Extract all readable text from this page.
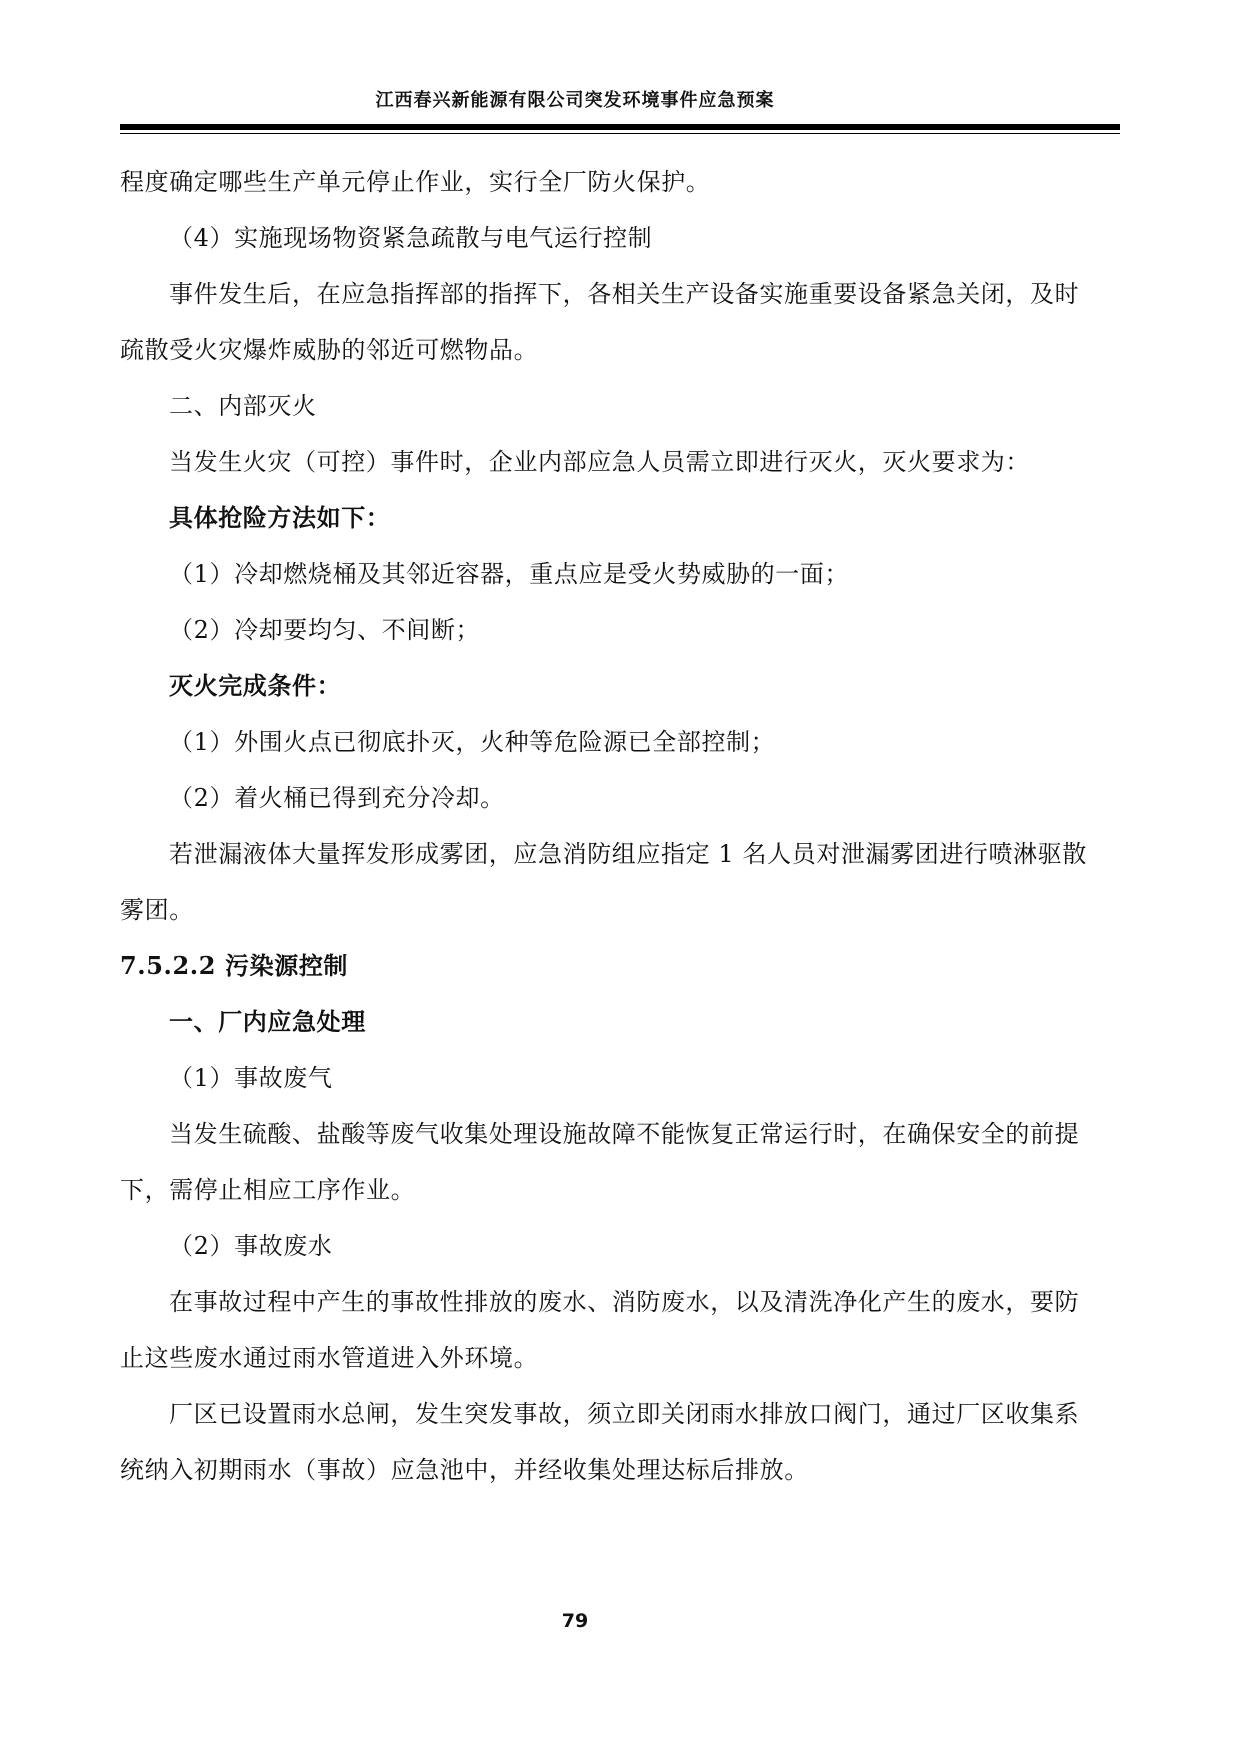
江西春兴新能源有限公司突发环境事件应急预案
程度确定哪些生产单元停止作业，实行全厂防火保护。
（4）实施现场物资紧急疏散与电气运行控制
事件发生后，在应急指挥部的指挥下，各相关生产设备实施重要设备紧急关闭，及时
疏散受火灾爆炸威胁的邻近可燃物品。
二、内部灭火
当发生火灾（可控）事件时，企业内部应急人员需立即进行灭火，灭火要求为：
具体抢险方法如下：
（1）冷却燃烧桶及其邻近容器，重点应是受火势威胁的一面；
（2）冷却要均匀、不间断；
灭火完成条件：
（1）外围火点已彻底扑灭，火种等危险源已全部控制；
（2）着火桶已得到充分冷却。
若泄漏液体大量挥发形成雾团，应急消防组应指定 1 名人员对泄漏雾团进行喷淋驱散
雾团。
7.5.2.2 污染源控制
一、厂内应急处理
（1）事故废气
当发生硫酸、盐酸等废气收集处理设施故障不能恢复正常运行时，在确保安全的前提
下，需停止相应工序作业。
（2）事故废水
在事故过程中产生的事故性排放的废水、消防废水，以及清洗净化产生的废水，要防
止这些废水通过雨水管道进入外环境。
厂区已设置雨水总闸，发生突发事故，须立即关闭雨水排放口阀门，通过厂区收集系
统纳入初期雨水（事故）应急池中，并经收集处理达标后排放。
79
